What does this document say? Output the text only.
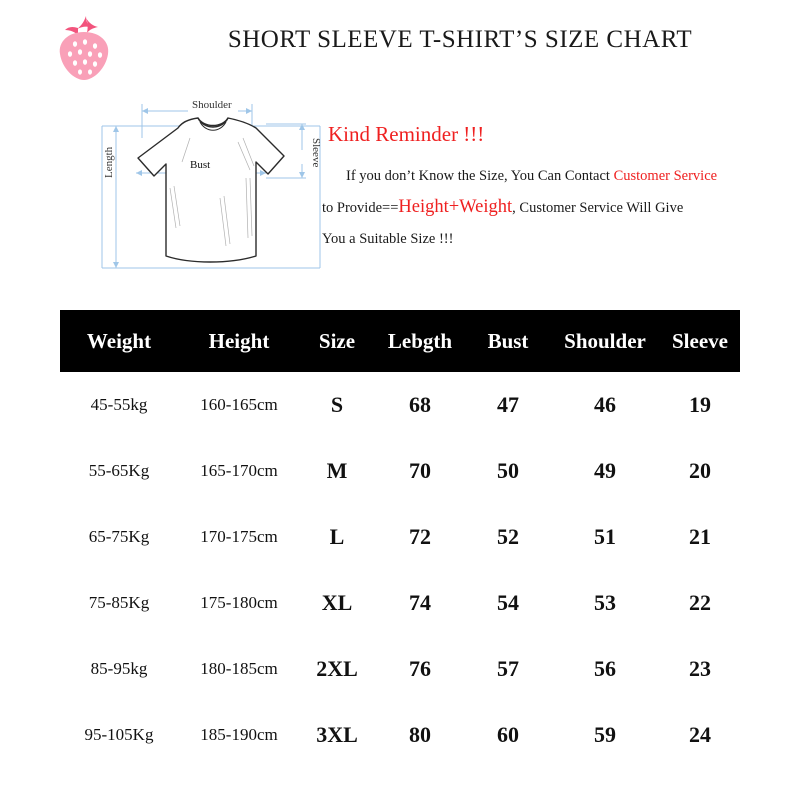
SHORT SLEEVE T-SHIRT’S SIZE CHART
Shoulder
Bust	Sleeve
Length
Kind Reminder !!!
If you don’t Know the Size, You Can Contact Customer Service
to Provide==Height+Weight, Customer Service Will Give
You a Suitable Size !!!
Weight	Height	Size	Lebgth	Bust	Shoulder	Sleeve
45-55kg	160-165cm	S	68	47	46	19
55-65Kg	165-170cm	M	70	50	49	20
65-75Kg	170-175cm	L	72	52	51	21
75-85Kg	175-180cm	XL	74	54	53	22
85-95kg	180-185cm	2XL	76	57	56	23
95-105Kg	185-190cm	3XL	80	60	59	24
